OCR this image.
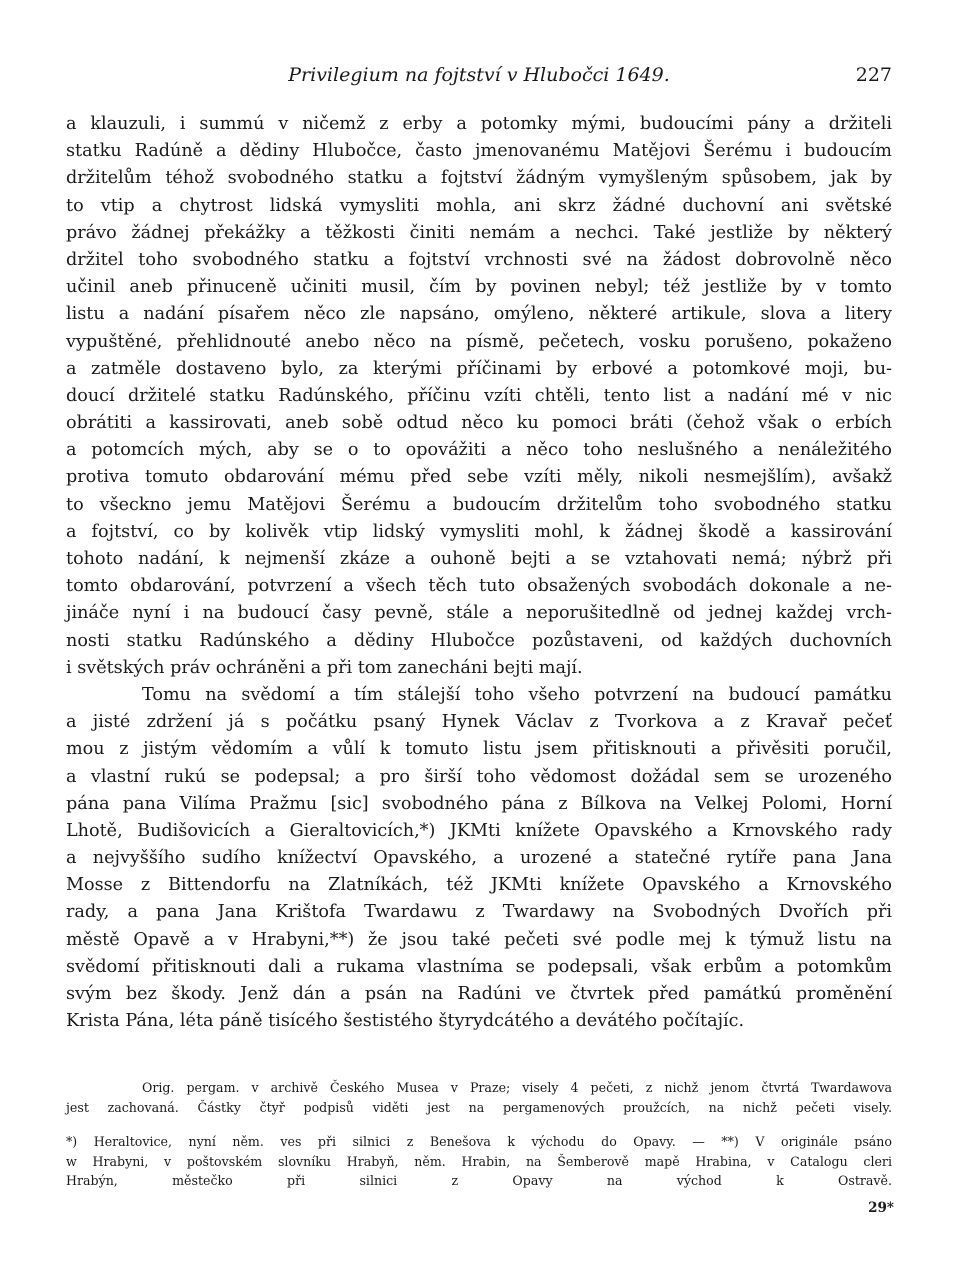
Privilegium na fojtství v Hlubočci 1649.	227
a klauzuli, i summú v ničemž z erby a potomky mými, budoucími pány a držiteli
statku Radúně a dědiny Hlubočce, často jmenovanému Matějovi Šerému i budoucím
držitelům téhož svobodného statku a fojtství žádným vymyšleným spůsobem, jak by
to vtip a chytrost lidská vymysliti mohla, ani skrz žádné duchovní ani světské
právo žádnej překážky a těžkosti činiti nemám a nechci. Také jestliže by některý
držitel toho svobodného statku a fojtství vrchnosti své na žádost dobrovolně něco
učinil aneb přinuceně učiniti musil, čím by povinen nebyl; též jestliže by v tomto
listu a nadání písařem něco zle napsáno, omýleno, některé artikule, slova a litery
vypuštěné, přehlidnouté anebo něco na písmě, pečetech, vosku porušeno, pokaženo
a zatměle dostaveno bylo, za kterými příčinami by erbové a potomkové moji, bu-
doucí držitelé statku Radúnského, příčinu vzíti chtěli, tento list a nadání mé v nic
obrátiti a kassirovati, aneb sobě odtud něco ku pomoci bráti (čehož však o erbích
a potomcích mých, aby se o to opovážiti a něco toho neslušného a nenáležitého
protiva tomuto obdarování mému před sebe vzíti měly, nikoli nesmejšlím), avšakž
to všeckno jemu Matějovi Šerému a budoucím držitelům toho svobodného statku
a fojtství, co by kolivěk vtip lidský vymysliti mohl, k žádnej škodě a kassirování
tohoto nadání, k nejmenší zkáze a ouhoně bejti a se vztahovati nemá; nýbrž při
tomto obdarování, potvrzení a všech těch tuto obsažených svobodách dokonale a ne-
jináče nyní i na budoucí časy pevně, stále a neporušitedlně od jednej každej vrch-
nosti statku Radúnského a dědiny Hlubočce pozůstaveni, od každých duchovních
i světských práv ochráněni a při tom zanecháni bejti mají.
Tomu na svědomí a tím stálejší toho všeho potvrzení na budoucí památku
a jisté zdržení já s počátku psaný Hynek Václav z Tvorkova a z Kravař pečeť
mou z jistým vědomím a vůlí k tomuto listu jsem přitisknouti a přivěsiti poručil,
a vlastní rukú se podepsal; a pro širší toho vědomost dožádal sem se urozeného
pána pana Vilíma Pražmu [sic] svobodného pána z Bílkova na Velkej Polomi, Horní
Lhotě, Budišovicích a Gieraltovicích,*) JKMti knížete Opavského a Krnovského rady
a nejvyššího sudího knížectví Opavského, a urozené a statečné rytíře pana Jana
Mosse z Bittendorfu na Zlatníkách, též JKMti knížete Opavského a Krnovského
rady, a pana Jana Krištofa Twardawu z Twardawy na Svobodných Dvořích při
městě Opavě a v Hrabyni,**) že jsou také pečeti své podle mej k týmuž listu na
svědomí přitisknouti dali a rukama vlastníma se podepsali, však erbům a potomkům
svým bez škody. Jenž dán a psán na Radúni ve čtvrtek před památkú proměnění
Krista Pána, léta páně tisícého šestistého štyrydcátého a devátého počítajíc.
Orig. pergam. v archivě Českého Musea v Praze; visely 4 pečeti, z nichž jenom čtvrtá Twardawova
jest zachovaná. Částky čtyř podpisů viděti jest na pergamenových proužcích, na nichž pečeti visely.
*) Heraltovice, nyní něm. ves při silnici z Benešova k východu do Opavy. — **) V originále psáno
w Hrabyni, v poštovském slovníku Hrabyň, něm. Hrabin, na Šemberově mapě Hrabina, v Catalogu cleri
Hrabýn, městečko při silnici z Opavy na východ k Ostravě.
29*
